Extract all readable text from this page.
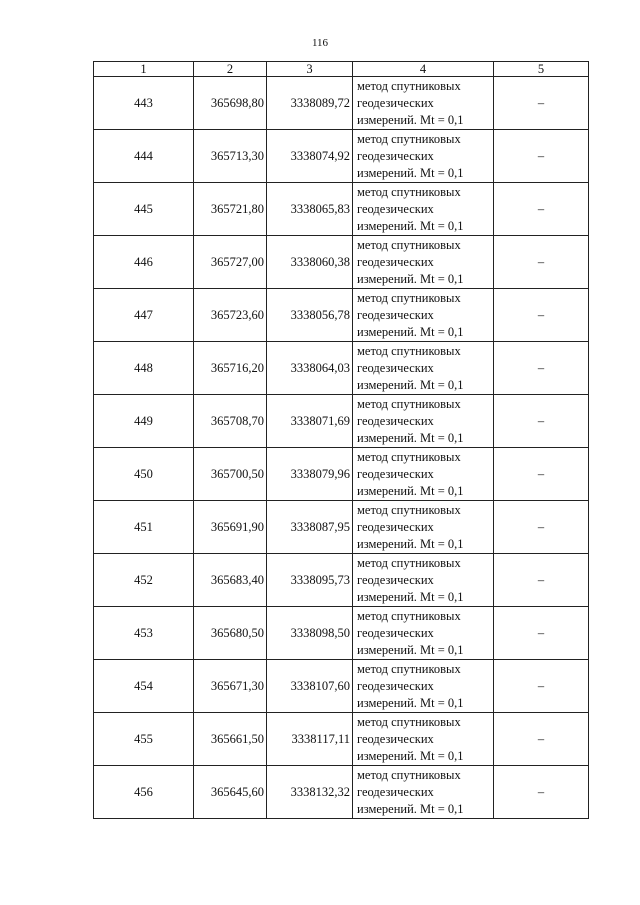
116
1	2	3	4	5
443	365698,80	3338089,72	метод спутниковых
геодезических
измерений. Mt = 0,1	–
444	365713,30	3338074,92	метод спутниковых
геодезических
измерений. Mt = 0,1	–
445	365721,80	3338065,83	метод спутниковых
геодезических
измерений. Mt = 0,1	–
446	365727,00	3338060,38	метод спутниковых
геодезических
измерений. Mt = 0,1	–
447	365723,60	3338056,78	метод спутниковых
геодезических
измерений. Mt = 0,1	–
448	365716,20	3338064,03	метод спутниковых
геодезических
измерений. Mt = 0,1	–
449	365708,70	3338071,69	метод спутниковых
геодезических
измерений. Mt = 0,1	–
450	365700,50	3338079,96	метод спутниковых
геодезических
измерений. Mt = 0,1	–
451	365691,90	3338087,95	метод спутниковых
геодезических
измерений. Mt = 0,1	–
452	365683,40	3338095,73	метод спутниковых
геодезических
измерений. Mt = 0,1	–
453	365680,50	3338098,50	метод спутниковых
геодезических
измерений. Mt = 0,1	–
454	365671,30	3338107,60	метод спутниковых
геодезических
измерений. Mt = 0,1	–
455	365661,50	3338117,11	метод спутниковых
геодезических
измерений. Mt = 0,1	–
456	365645,60	3338132,32	метод спутниковых
геодезических
измерений. Mt = 0,1	–
